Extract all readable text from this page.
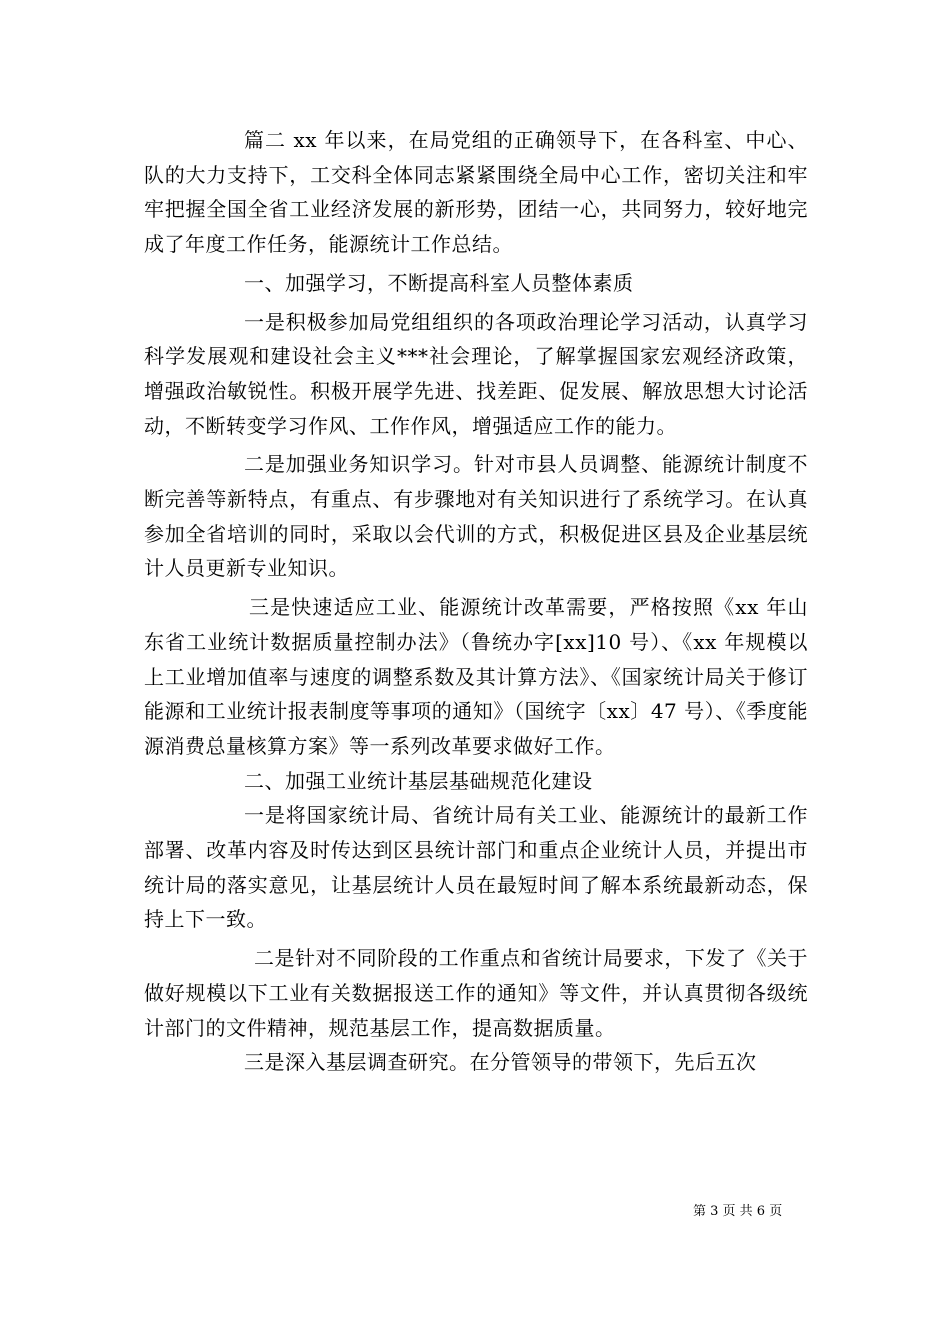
篇二 xx 年以来，在局党组的正确领导下，在各科室、中心、队的大力支持下，工交科全体同志紧紧围绕全局中心工作，密切关注和牢牢把握全国全省工业经济发展的新形势，团结一心，共同努力，较好地完成了年度工作任务，能源统计工作总结。

一、加强学习，不断提高科室人员整体素质

一是积极参加局党组组织的各项政治理论学习活动，认真学习科学发展观和建设社会主义***社会理论，了解掌握国家宏观经济政策，增强政治敏锐性。积极开展学先进、找差距、促发展、解放思想大讨论活动，不断转变学习作风、工作作风，增强适应工作的能力。

二是加强业务知识学习。针对市县人员调整、能源统计制度不断完善等新特点，有重点、有步骤地对有关知识进行了系统学习。在认真参加全省培训的同时，采取以会代训的方式，积极促进区县及企业基层统计人员更新专业知识。

三是快速适应工业、能源统计改革需要，严格按照《xx 年山东省工业统计数据质量控制办法》（鲁统办字[xx]10 号）、《xx 年规模以上工业增加值率与速度的调整系数及其计算方法》、《国家统计局关于修订能源和工业统计报表制度等事项的通知》（国统字〔xx〕47 号）、《季度能源消费总量核算方案》等一系列改革要求做好工作。

二、加强工业统计基层基础规范化建设

一是将国家统计局、省统计局有关工业、能源统计的最新工作部署、改革内容及时传达到区县统计部门和重点企业统计人员，并提出市统计局的落实意见，让基层统计人员在最短时间了解本系统最新动态，保持上下一致。

二是针对不同阶段的工作重点和省统计局要求，下发了《关于做好规模以下工业有关数据报送工作的通知》等文件，并认真贯彻各级统计部门的文件精神，规范基层工作，提高数据质量。

三是深入基层调查研究。在分管领导的带领下，先后五次

第 3 页 共 6 页
